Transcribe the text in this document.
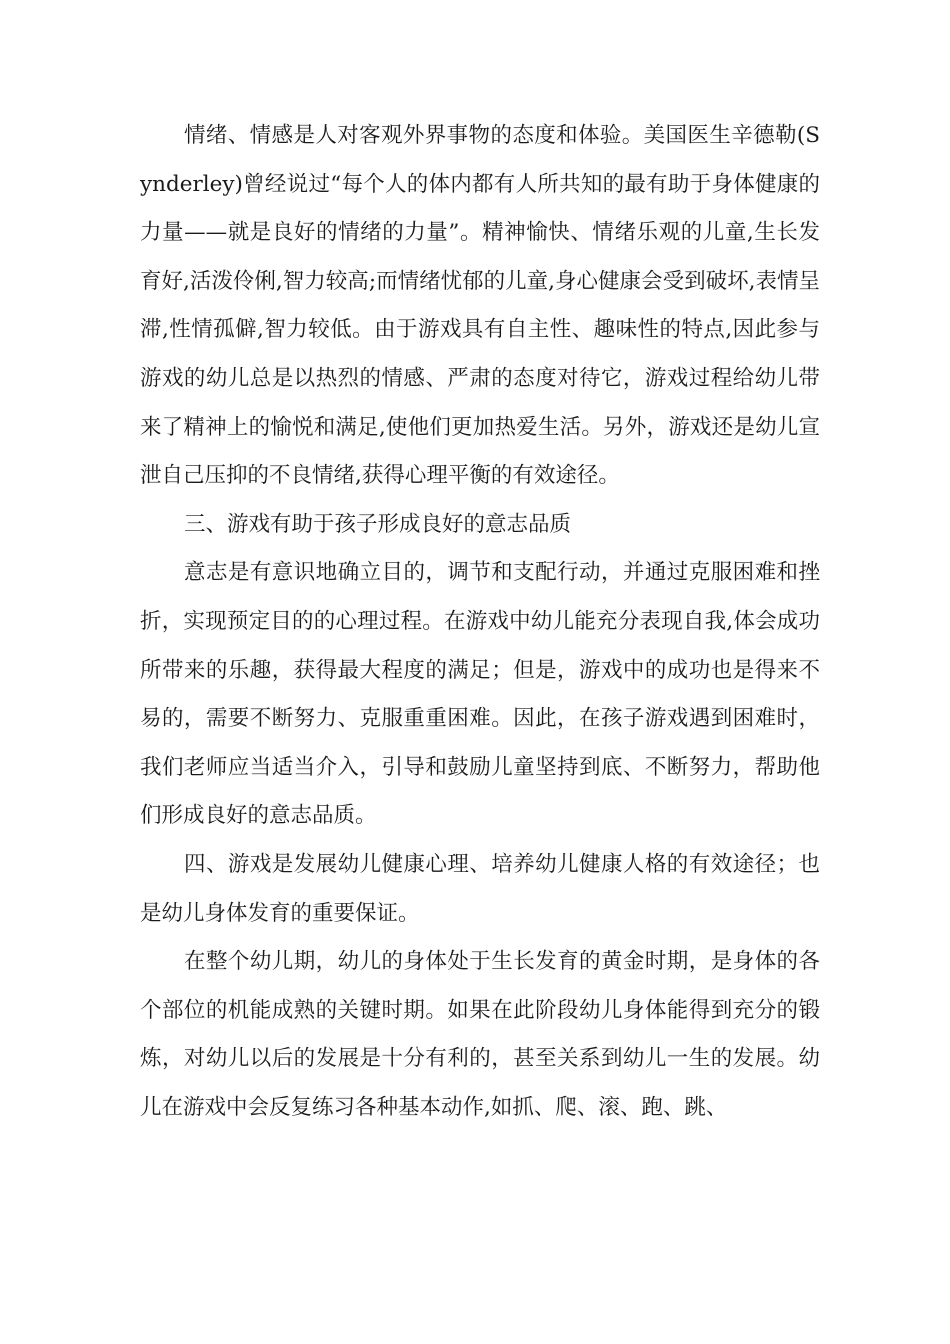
情绪、情感是人对客观外界事物的态度和体验。美国医生辛德勒(Synderley)曾经说过“每个人的体内都有人所共知的最有助于身体健康的力量——就是良好的情绪的力量”。精神愉快、情绪乐观的儿童,生长发育好,活泼伶俐,智力较高;而情绪忧郁的儿童,身心健康会受到破坏,表情呈滞,性情孤僻,智力较低。由于游戏具有自主性、趣味性的特点,因此参与游戏的幼儿总是以热烈的情感、严肃的态度对待它，游戏过程给幼儿带来了精神上的愉悦和满足,使他们更加热爱生活。另外，游戏还是幼儿宣泄自己压抑的不良情绪,获得心理平衡的有效途径。

三、游戏有助于孩子形成良好的意志品质

意志是有意识地确立目的，调节和支配行动，并通过克服困难和挫折，实现预定目的的心理过程。在游戏中幼儿能充分表现自我,体会成功所带来的乐趣，获得最大程度的满足；但是，游戏中的成功也是得来不易的，需要不断努力、克服重重困难。因此，在孩子游戏遇到困难时，我们老师应当适当介入，引导和鼓励儿童坚持到底、不断努力，帮助他们形成良好的意志品质。

四、游戏是发展幼儿健康心理、培养幼儿健康人格的有效途径；也是幼儿身体发育的重要保证。

在整个幼儿期，幼儿的身体处于生长发育的黄金时期，是身体的各个部位的机能成熟的关键时期。如果在此阶段幼儿身体能得到充分的锻炼，对幼儿以后的发展是十分有利的，甚至关系到幼儿一生的发展。幼儿在游戏中会反复练习各种基本动作,如抓、爬、滚、跑、跳、
